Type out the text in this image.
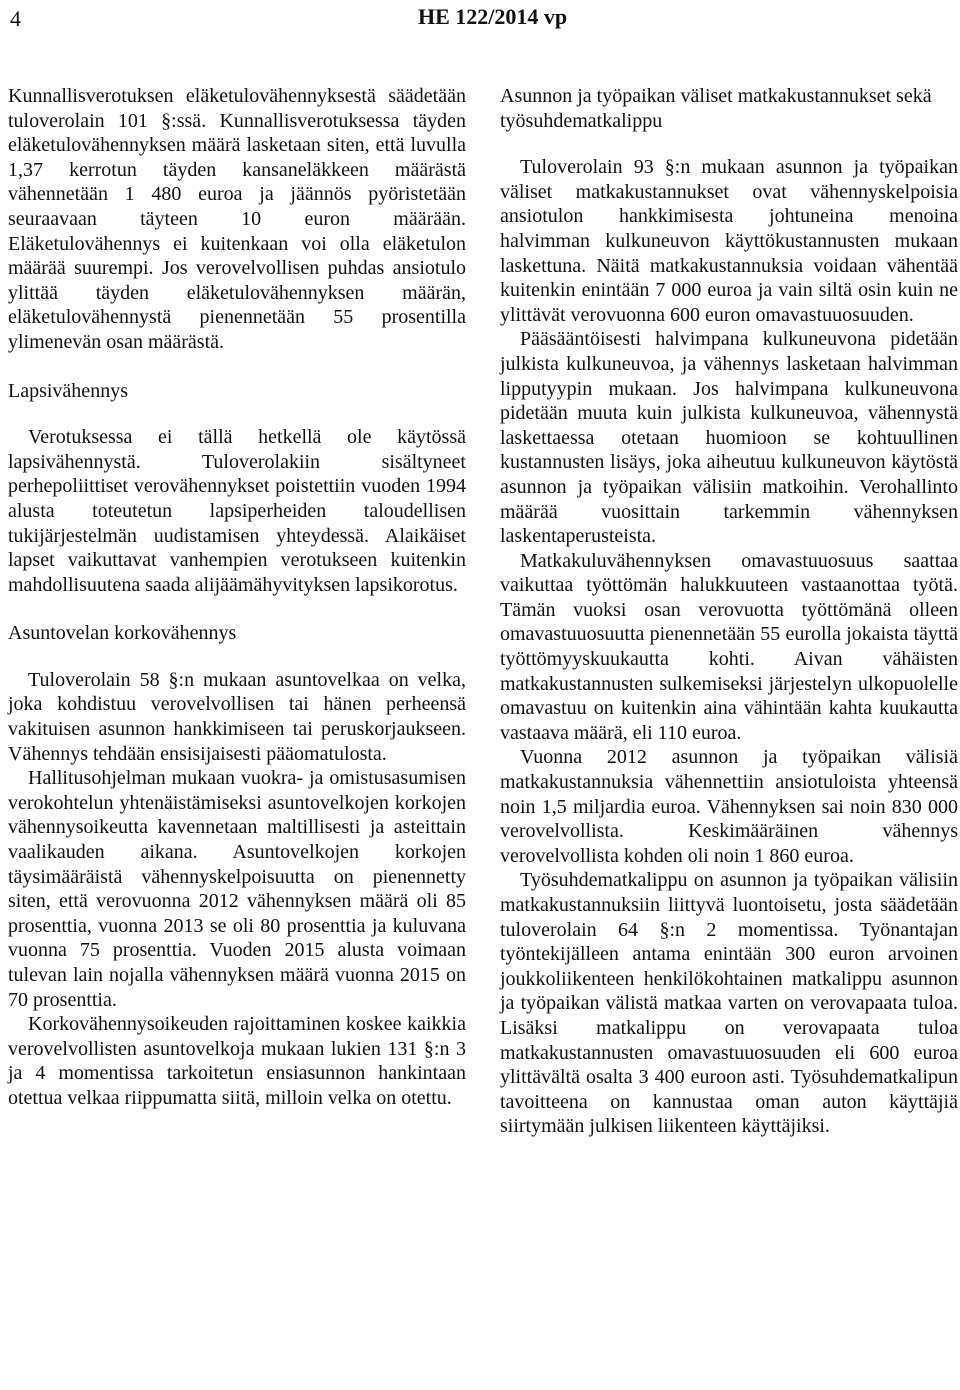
4	HE 122/2014 vp

Kunnallisverotuksen eläketulovähennyksestä säädetään tuloverolain 101 §:ssä. Kunnallisverotuksessa täyden eläketulovähennyksen määrä lasketaan siten, että luvulla 1,37 kerrotun täyden kansaneläkkeen määrästä vähennetään 1 480 euroa ja jäännös pyöristetään seuraavaan täyteen 10 euron määrään. Eläketulovähennys ei kuitenkaan voi olla eläketulon määrää suurempi. Jos verovelvollisen puhdas ansiotulo ylittää täyden eläketulovähennyksen määrän, eläketulovähennystä pienennetään 55 prosentilla ylimenevän osan määrästä.

Lapsivähennys

Verotuksessa ei tällä hetkellä ole käytössä lapsivähennystä. Tuloverolakiin sisältyneet perhepoliittiset verovähennykset poistettiin vuoden 1994 alusta toteutetun lapsiperheiden taloudellisen tukijärjestelmän uudistamisen yhteydessä. Alaikäiset lapset vaikuttavat vanhempien verotukseen kuitenkin mahdollisuutena saada alijäämähyvityksen lapsikorotus.

Asuntovelan korkovähennys

Tuloverolain 58 §:n mukaan asuntovelkaa on velka, joka kohdistuu verovelvollisen tai hänen perheensä vakituisen asunnon hankkimiseen tai peruskorjaukseen. Vähennys tehdään ensisijaisesti pääomatulosta.

Hallitusohjelman mukaan vuokra- ja omistusasumisen verokohtelun yhtenäistämiseksi asuntovelkojen korkojen vähennysoikeutta kavennetaan maltillisesti ja asteittain vaalikauden aikana. Asuntovelkojen korkojen täysimääräistä vähennyskelpoisuutta on pienennetty siten, että verovuonna 2012 vähennyksen määrä oli 85 prosenttia, vuonna 2013 se oli 80 prosenttia ja kuluvana vuonna 75 prosenttia. Vuoden 2015 alusta voimaan tulevan lain nojalla vähennyksen määrä vuonna 2015 on 70 prosenttia.

Korkovähennysoikeuden rajoittaminen koskee kaikkia verovelvollisten asuntovelkoja mukaan lukien 131 §:n 3 ja 4 momentissa tarkoitetun ensiasunnon hankintaan otettua velkaa riippumatta siitä, milloin velka on otettu.

Asunnon ja työpaikan väliset matkakustannukset sekä työsuhdematkalippu

Tuloverolain 93 §:n mukaan asunnon ja työpaikan väliset matkakustannukset ovat vähennyskelpoisia ansiotulon hankkimisesta johtuneina menoina halvimman kulkuneuvon käyttökustannusten mukaan laskettuna. Näitä matkakustannuksia voidaan vähentää kuitenkin enintään 7 000 euroa ja vain siltä osin kuin ne ylittävät verovuonna 600 euron omavastuuosuuden.

Pääsääntöisesti halvimpana kulkuneuvona pidetään julkista kulkuneuvoa, ja vähennys lasketaan halvimman lipputyypin mukaan. Jos halvimpana kulkuneuvona pidetään muuta kuin julkista kulkuneuvoa, vähennystä laskettaessa otetaan huomioon se kohtuullinen kustannusten lisäys, joka aiheutuu kulkuneuvon käytöstä asunnon ja työpaikan välisiin matkoihin. Verohallinto määrää vuosittain tarkemmin vähennyksen laskentaperusteista.

Matkakuluvähennyksen omavastuuosuus saattaa vaikuttaa työttömän halukkuuteen vastaanottaa työtä. Tämän vuoksi osan verovuotta työttömänä olleen omavastuuosuutta pienennetään 55 eurolla jokaista täyttä työttömyyskuukautta kohti. Aivan vähäisten matkakustannusten sulkemiseksi järjestelyn ulkopuolelle omavastuu on kuitenkin aina vähintään kahta kuukautta vastaava määrä, eli 110 euroa.

Vuonna 2012 asunnon ja työpaikan välisiä matkakustannuksia vähennettiin ansiotuloista yhteensä noin 1,5 miljardia euroa. Vähennyksen sai noin 830 000 verovelvollista. Keskimääräinen vähennys verovelvollista kohden oli noin 1 860 euroa.

Työsuhdematkalippu on asunnon ja työpaikan välisiin matkakustannuksiin liittyvä luontoisetu, josta säädetään tuloverolain 64 §:n 2 momentissa. Työnantajan työntekijälleen antama enintään 300 euron arvoinen joukkoliikenteen henkilökohtainen matkalippu asunnon ja työpaikan välistä matkaa varten on verovapaata tuloa. Lisäksi matkalippu on verovapaata tuloa matkakustannusten omavastuuosuuden eli 600 euroa ylittävältä osalta 3 400 euroon asti. Työsuhdematkalipun tavoitteena on kannustaa oman auton käyttäjiä siirtymään julkisen liikenteen käyttäjiksi.
